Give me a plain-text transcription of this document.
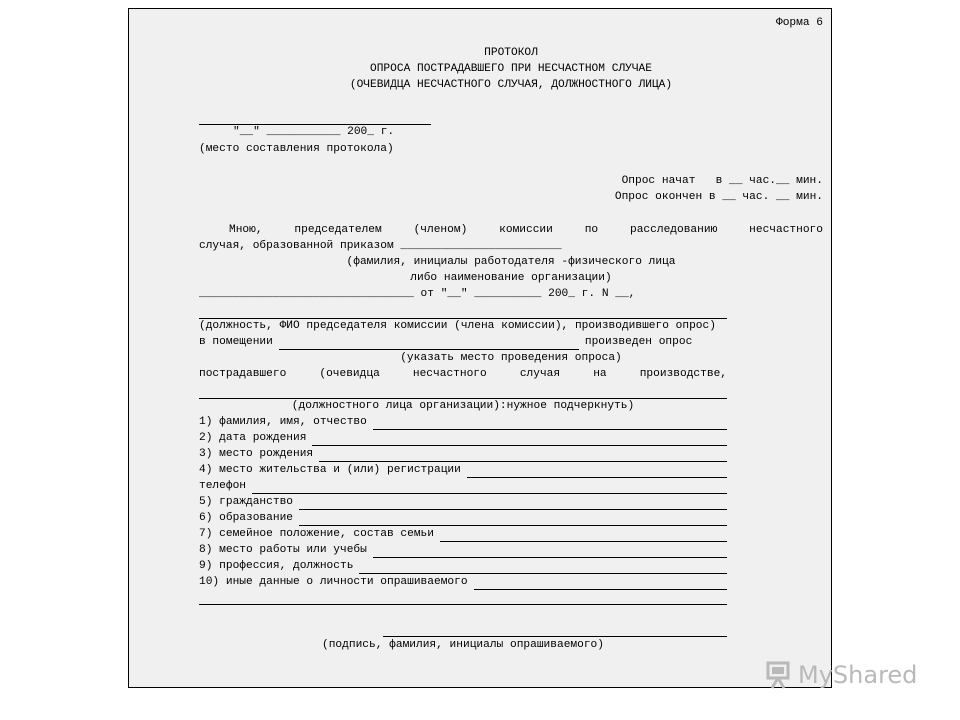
Форма 6
ПРОТОКОЛ
ОПРОСА ПОСТРАДАВШЕГО ПРИ НЕСЧАСТНОМ СЛУЧАЕ
(ОЧЕВИДЦА НЕСЧАСТНОГО СЛУЧАЯ, ДОЛЖНОСТНОГО ЛИЦА)
"__" ___________ 200_ г.
(место составления протокола)
Опрос начат   в __ час.__ мин.
Опрос окончен в __ час. __ мин.
Мною, председателем (членом) комиссии по расследованию несчастного
случая, образованной приказом ________________________
(фамилия, инициалы работодателя -физического лица
либо наименование организации)
________________________________ от "__" __________ 200_ г. N __,
(должность, ФИО председателя комиссии (члена комиссии), производившего опрос)
в помещении	произведен опрос
(указать место проведения опроса)
пострадавшего (очевидца несчастного случая на производстве,
(должностного лица организации):нужное подчеркнуть)
1) фамилия, имя, отчество
2) дата рождения
3) место рождения
4) место жительства и (или) регистрации
телефон
5) гражданство
6) образование
7) семейное положение, состав семьи
8) место работы или учебы
9) профессия, должность
10) иные данные о личности опрашиваемого
(подпись, фамилия, инициалы опрашиваемого)
MyShared
